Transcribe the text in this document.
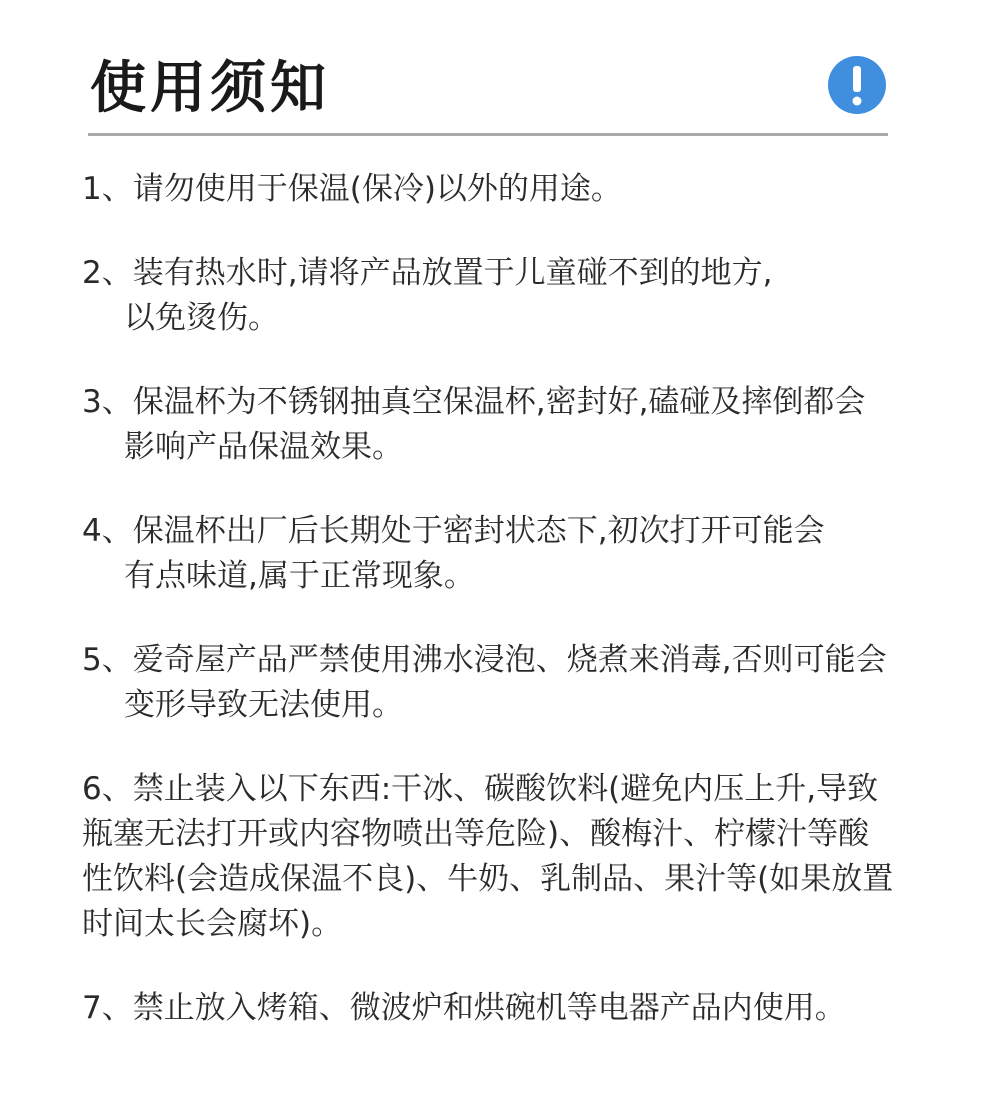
使用须知
1、请勿使用于保温(保冷)以外的用途。
2、装有热水时,请将产品放置于儿童碰不到的地方,
以免烫伤。
3、保温杯为不锈钢抽真空保温杯,密封好,磕碰及摔倒都会
影响产品保温效果。
4、保温杯出厂后长期处于密封状态下,初次打开可能会
有点味道,属于正常现象。
5、爱奇屋产品严禁使用沸水浸泡、烧煮来消毒,否则可能会
变形导致无法使用。
6、禁止装入以下东西:干冰、碳酸饮料(避免内压上升,导致
瓶塞无法打开或内容物喷出等危险)、酸梅汁、柠檬汁等酸
性饮料(会造成保温不良)、牛奶、乳制品、果汁等(如果放置
时间太长会腐坏)。
7、禁止放入烤箱、微波炉和烘碗机等电器产品内使用。
